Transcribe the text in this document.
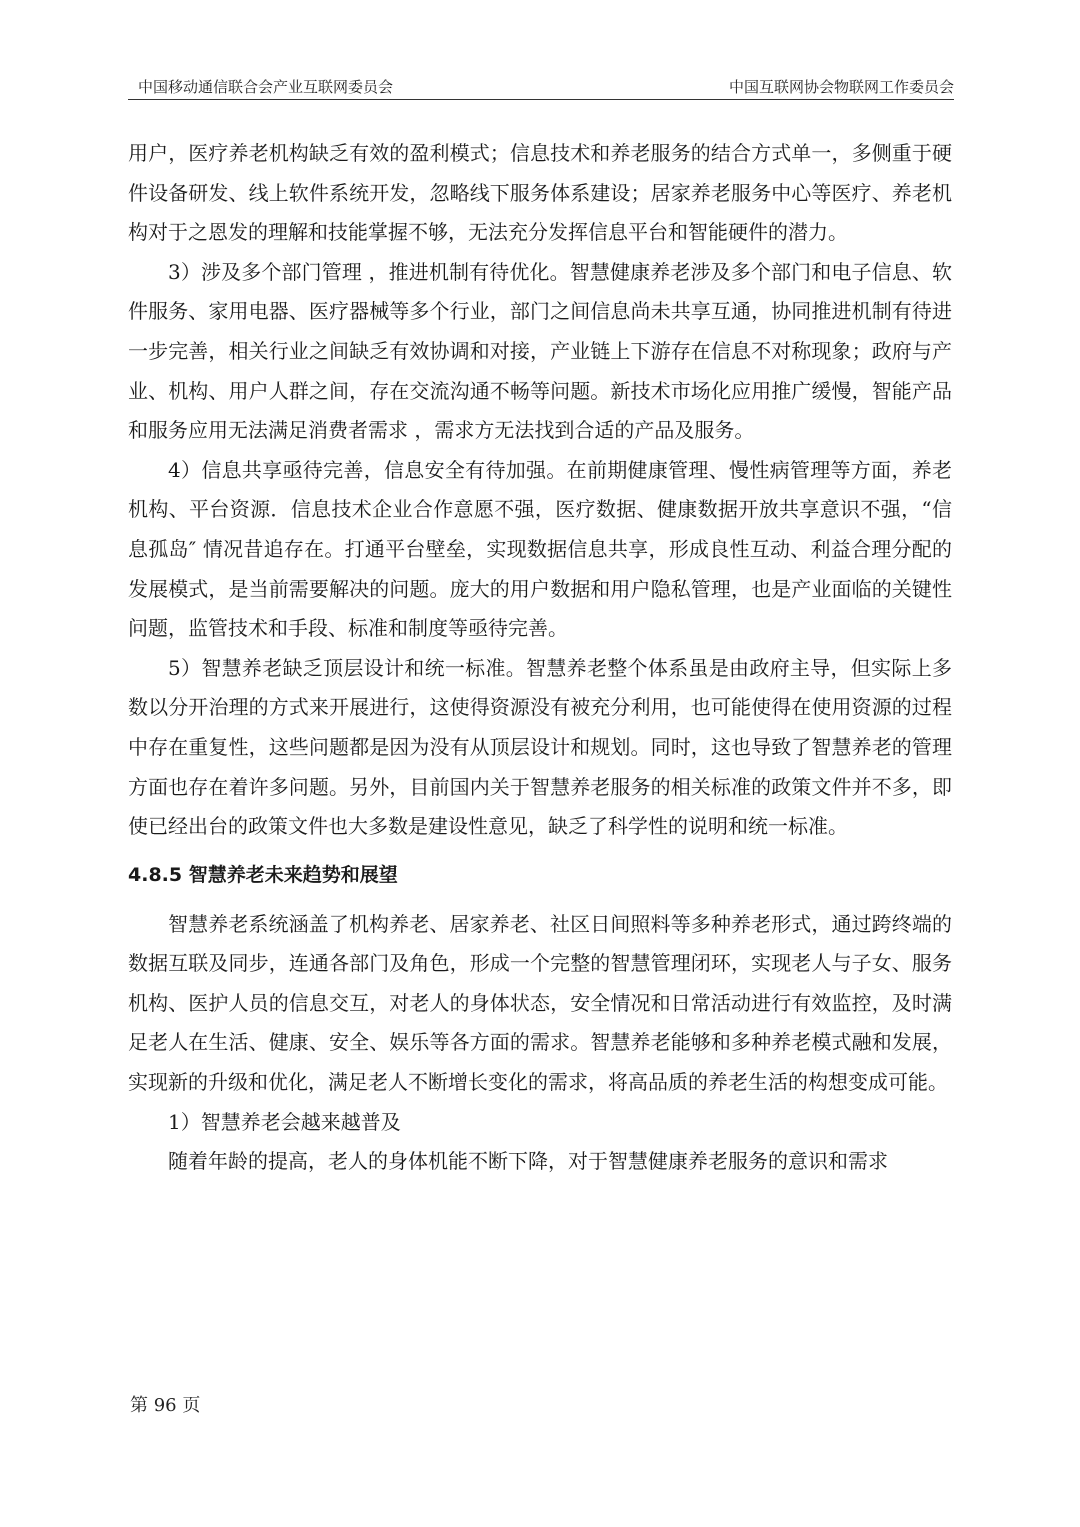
中国移动通信联合会产业互联网委员会	中国互联网协会物联网工作委员会

用户，医疗养老机构缺乏有效的盈利模式；信息技术和养老服务的结合方式单一，多侧重于硬件设备研发、线上软件系统开发，忽略线下服务体系建设；居家养老服务中心等医疗、养老机构对于之恩发的理解和技能掌握不够，无法充分发挥信息平台和智能硬件的潜力。

3）涉及多个部门管理 ，推进机制有待优化。智慧健康养老涉及多个部门和电子信息、软件服务、家用电器、医疗器械等多个行业，部门之间信息尚未共享互通，协同推进机制有待进一步完善，相关行业之间缺乏有效协调和对接，产业链上下游存在信息不对称现象；政府与产业、机构、用户人群之间，存在交流沟通不畅等问题。新技术市场化应用推广缓慢，智能产品和服务应用无法满足消费者需求 ，需求方无法找到合适的产品及服务。

4）信息共享亟待完善，信息安全有待加强。在前期健康管理、慢性病管理等方面，养老机构、平台资源．信息技术企业合作意愿不强，医疗数据、健康数据开放共享意识不强，“信息孤岛″ 情况昔追存在。打通平台壁垒，实现数据信息共享，形成良性互动、利益合理分配的发展模式，是当前需要解决的问题。庞大的用户数据和用户隐私管理，也是产业面临的关键性问题，监管技术和手段、标准和制度等亟待完善。

5）智慧养老缺乏顶层设计和统一标准。智慧养老整个体系虽是由政府主导，但实际上多数以分开治理的方式来开展进行，这使得资源没有被充分利用，也可能使得在使用资源的过程中存在重复性，这些问题都是因为没有从顶层设计和规划。同时，这也导致了智慧养老的管理方面也存在着许多问题。另外，目前国内关于智慧养老服务的相关标准的政策文件并不多，即使已经出台的政策文件也大多数是建设性意见，缺乏了科学性的说明和统一标准。

4.8.5 智慧养老未来趋势和展望

智慧养老系统涵盖了机构养老、居家养老、社区日间照料等多种养老形式，通过跨终端的数据互联及同步，连通各部门及角色，形成一个完整的智慧管理闭环，实现老人与子女、服务机构、医护人员的信息交互，对老人的身体状态，安全情况和日常活动进行有效监控，及时满足老人在生活、健康、安全、娱乐等各方面的需求。智慧养老能够和多种养老模式融和发展，实现新的升级和优化，满足老人不断增长变化的需求，将高品质的养老生活的构想变成可能。

1）智慧养老会越来越普及

随着年龄的提高，老人的身体机能不断下降，对于智慧健康养老服务的意识和需求

第 96 页
